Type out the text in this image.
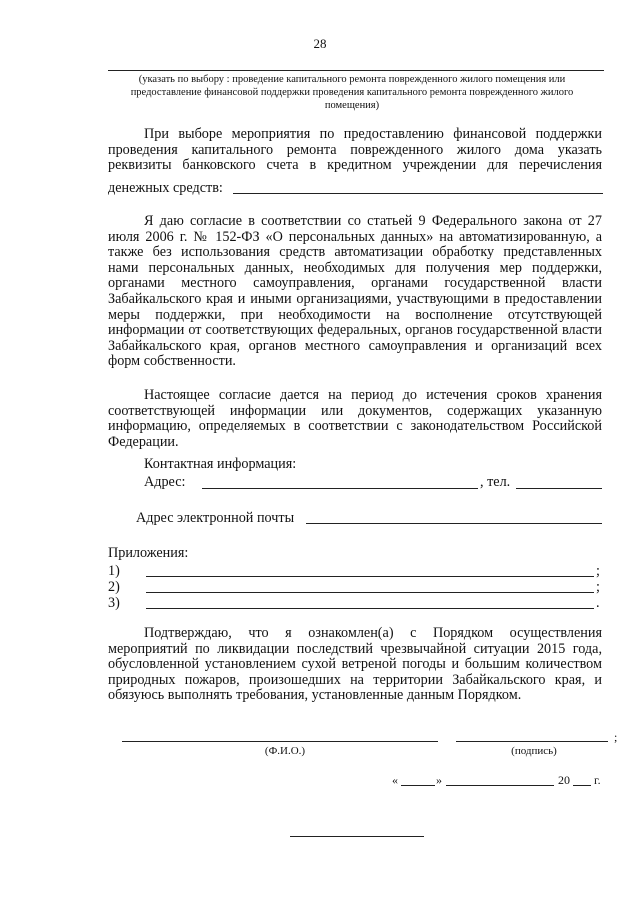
28
(указать по выбору : проведение капитального ремонта поврежденного жилого помещения или предоставление финансовой поддержки проведения капитального ремонта поврежденного жилого помещения)

При выборе мероприятия по предоставлению финансовой поддержки проведения капитального ремонта поврежденного жилого дома указать реквизиты банковского счета в кредитном учреждении для перечисления

денежных средств:

Я даю согласие в соответствии со статьей 9 Федерального закона от 27 июля 2006 г. № 152-ФЗ «О персональных данных» на автоматизированную, а также без использования средств автоматизации обработку представленных нами персональных данных, необходимых для получения мер поддержки, органами местного самоуправления, органами государственной власти Забайкальского края и иными организациями, участвующими в предоставлении меры поддержки, при необходимости на восполнение отсутствующей информации от соответствующих федеральных, органов государственной власти Забайкальского края, органов местного самоуправления и организаций всех форм собственности.

Настоящее согласие дается на период до истечения сроков хранения соответствующей информации или документов, содержащих указанную информацию, определяемых в соответствии с законодательством Российской Федерации.

Контактная информация:
Адрес:	, тел.
Адрес электронной почты
Приложения:
1)	;
2)	;
3)	.

Подтверждаю, что я ознакомлен(а) с Порядком осуществления мероприятий по ликвидации последствий чрезвычайной ситуации 2015 года, обусловленной установлением сухой ветреной погоды и большим количеством природных пожаров, произошедших на территории Забайкальского края, и обязуюсь выполнять требования, установленные данным Порядком.

;
(Ф.И.О.)	(подпись)
«	»	20 г.
